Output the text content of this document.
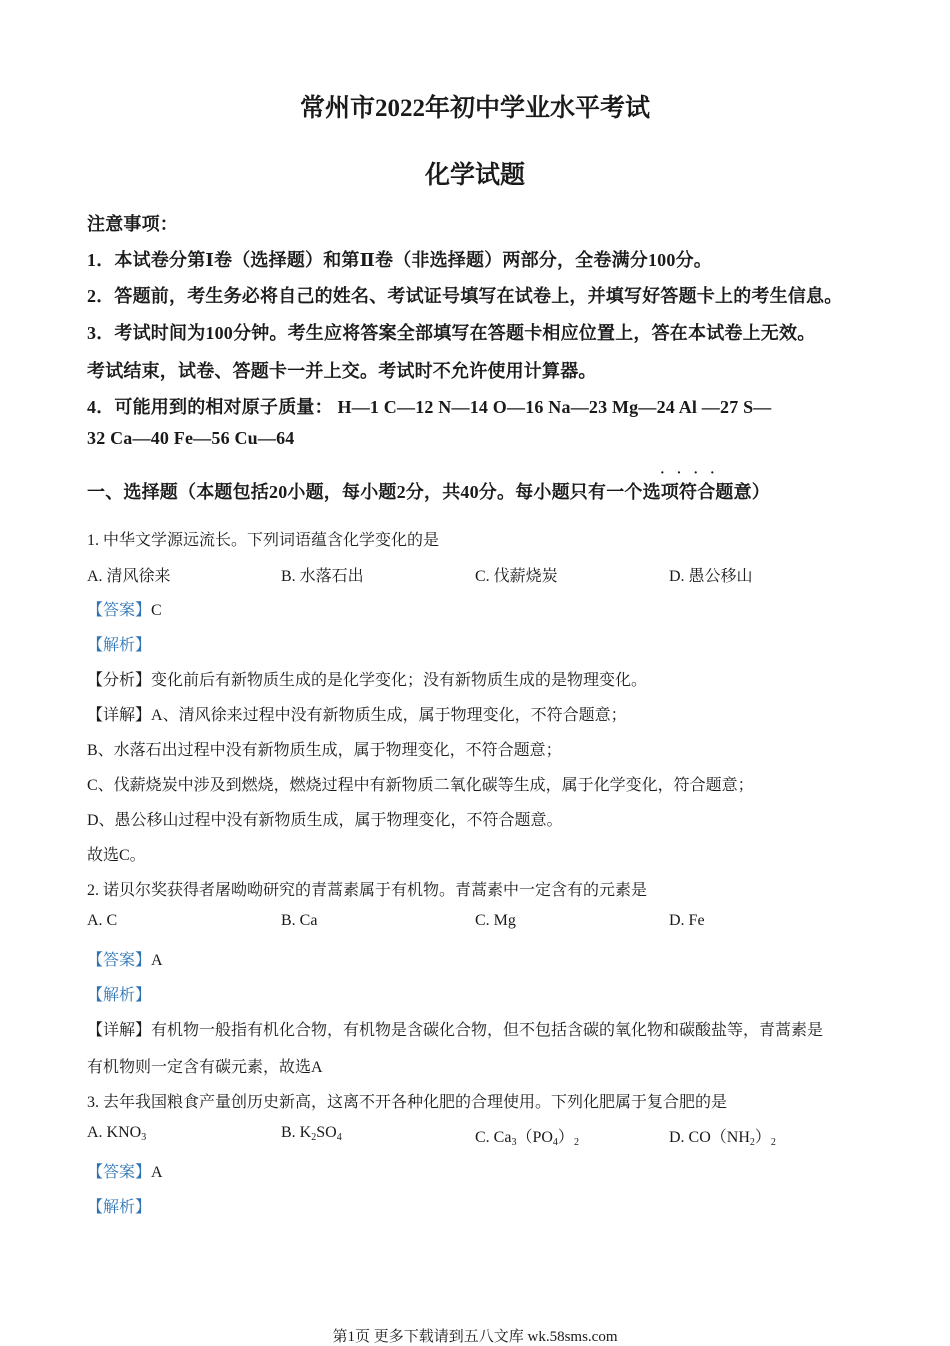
常州市2022年初中学业水平考试
化学试题
注意事项：
1．本试卷分第Ⅰ卷（选择题）和第Ⅱ卷（非选择题）两部分，全卷满分100分。
2．答题前，考生务必将自己的姓名、考试证号填写在试卷上，并填写好答题卡上的考生信息。
3．考试时间为100分钟。考生应将答案全部填写在答题卡相应位置上，答在本试卷上无效。
考试结束，试卷、答题卡一并上交。考试时不允许使用计算器。
4．可能用到的相对原子质量： H—1 C—12 N—14 O—16 Na—23 Mg—24 Al —27 S—
32 Ca—40 Fe—56 Cu—64
····
一、选择题（本题包括20小题，每小题2分，共40分。每小题只有一个选项符合题意）
1. 中华文学源远流长。下列词语蕴含化学变化的是
A. 清风徐来	B. 水落石出	C. 伐薪烧炭	D. 愚公移山
【答案】C
【解析】
【分析】变化前后有新物质生成的是化学变化；没有新物质生成的是物理变化。
【详解】A、清风徐来过程中没有新物质生成，属于物理变化，不符合题意；
B、水落石出过程中没有新物质生成，属于物理变化，不符合题意；
C、伐薪烧炭中涉及到燃烧，燃烧过程中有新物质二氧化碳等生成，属于化学变化，符合题意；
D、愚公移山过程中没有新物质生成，属于物理变化，不符合题意。
故选C。
2. 诺贝尔奖获得者屠呦呦研究的青蒿素属于有机物。青蒿素中一定含有的元素是
A. C	B. Ca	C. Mg	D. Fe
【答案】A
【解析】
【详解】有机物一般指有机化合物，有机物是含碳化合物，但不包括含碳的氧化物和碳酸盐等，青蒿素是
有机物则一定含有碳元素，故选A
3. 去年我国粮食产量创历史新高，这离不开各种化肥的合理使用。下列化肥属于复合肥的是
A. $KNO_3$	B. $K_2SO_4$	C. $Ca_3(PO_4)_2$	D. $CO(NH_2)_2$
【答案】A
【解析】
第1页 更多下载请到五八文库 wk.58sms.com
